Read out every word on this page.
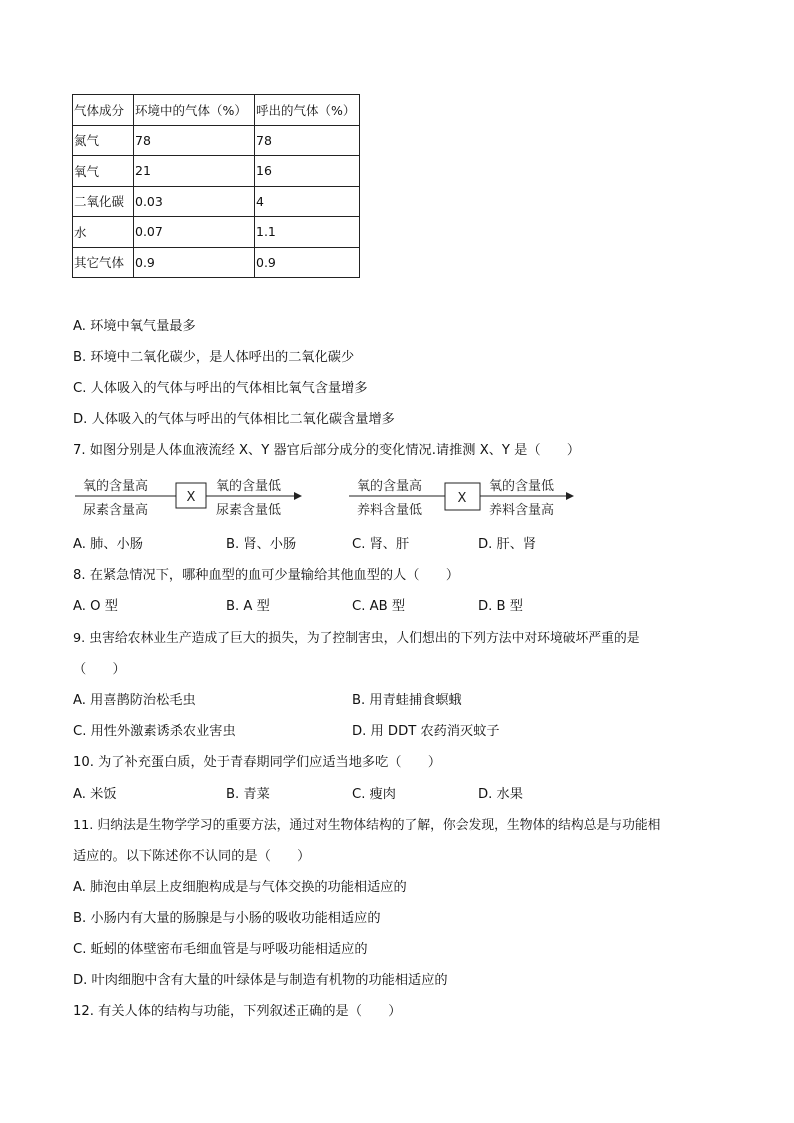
气体成分	环境中的气体（%）	呼出的气体（%）
氮气	78	78
氧气	21	16
二氧化碳	0.03	4
水	0.07	1.1
其它气体	0.9	0.9
A. 环境中氧气量最多
B. 环境中二氧化碳少，是人体呼出的二氧化碳少
C. 人体吸入的气体与呼出的气体相比氧气含量增多
D. 人体吸入的气体与呼出的气体相比二氧化碳含量增多
7. 如图分别是人体血液流经 X、Y 器官后部分成分的变化情况.请推测 X、Y 是（　　）
氧的含量高
尿素含量高
X
氧的含量低
尿素含量低
氧的含量高
养料含量低
X
氧的含量低
养料含量高
A. 肺、小肠	B. 肾、小肠	C. 肾、肝	D. 肝、肾
8. 在紧急情况下，哪种血型的血可少量输给其他血型的人（　　）
A. O 型	B. A 型	C. AB 型	D. B 型
9. 虫害给农林业生产造成了巨大的损失，为了控制害虫，人们想出的下列方法中对环境破坏严重的是
（　　）
A. 用喜鹊防治松毛虫	B. 用青蛙捕食螟蛾
C. 用性外激素诱杀农业害虫	D. 用 DDT 农药消灭蚊子
10. 为了补充蛋白质，处于青春期同学们应适当地多吃（　　）
A. 米饭	B. 青菜	C. 瘦肉	D. 水果
11. 归纳法是生物学学习的重要方法，通过对生物体结构的了解，你会发现，生物体的结构总是与功能相
适应的。以下陈述你不认同的是（　　）
A. 肺泡由单层上皮细胞构成是与气体交换的功能相适应的
B. 小肠内有大量的肠腺是与小肠的吸收功能相适应的
C. 蚯蚓的体壁密布毛细血管是与呼吸功能相适应的
D. 叶肉细胞中含有大量的叶绿体是与制造有机物的功能相适应的
12. 有关人体的结构与功能，下列叙述正确的是（　　）
